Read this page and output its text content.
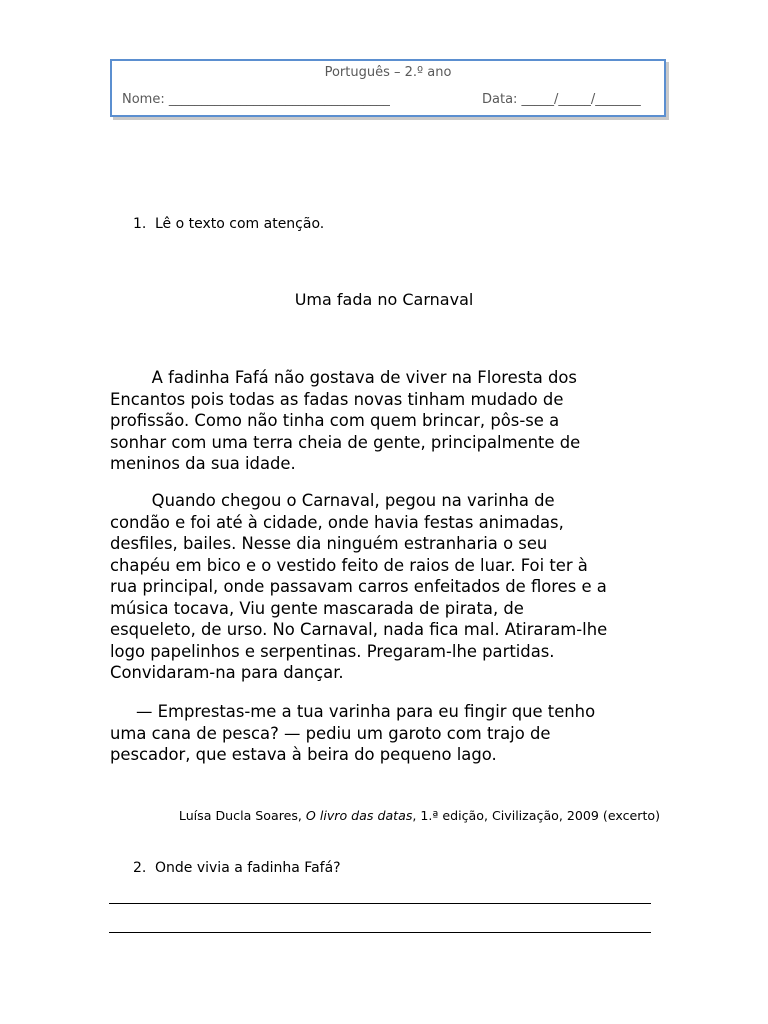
Português – 2.º ano
Nome: __________________________________	Data: _____/_____/_______
1. Lê o texto com atenção.
Uma fada no Carnaval
A fadinha Fafá não gostava de viver na Floresta dos
Encantos pois todas as fadas novas tinham mudado de
profissão. Como não tinha com quem brincar, pôs-se a
sonhar com uma terra cheia de gente, principalmente de
meninos da sua idade.
Quando chegou o Carnaval, pegou na varinha de
condão e foi até à cidade, onde havia festas animadas,
desfiles, bailes. Nesse dia ninguém estranharia o seu
chapéu em bico e o vestido feito de raios de luar. Foi ter à
rua principal, onde passavam carros enfeitados de flores e a
música tocava, Viu gente mascarada de pirata, de
esqueleto, de urso. No Carnaval, nada fica mal. Atiraram-lhe
logo papelinhos e serpentinas. Pregaram-lhe partidas.
Convidaram-na para dançar.
— Emprestas-me a tua varinha para eu fingir que tenho
uma cana de pesca? — pediu um garoto com trajo de
pescador, que estava à beira do pequeno lago.
Luísa Ducla Soares, O livro das datas, 1.ª edição, Civilização, 2009 (excerto)
2. Onde vivia a fadinha Fafá?
